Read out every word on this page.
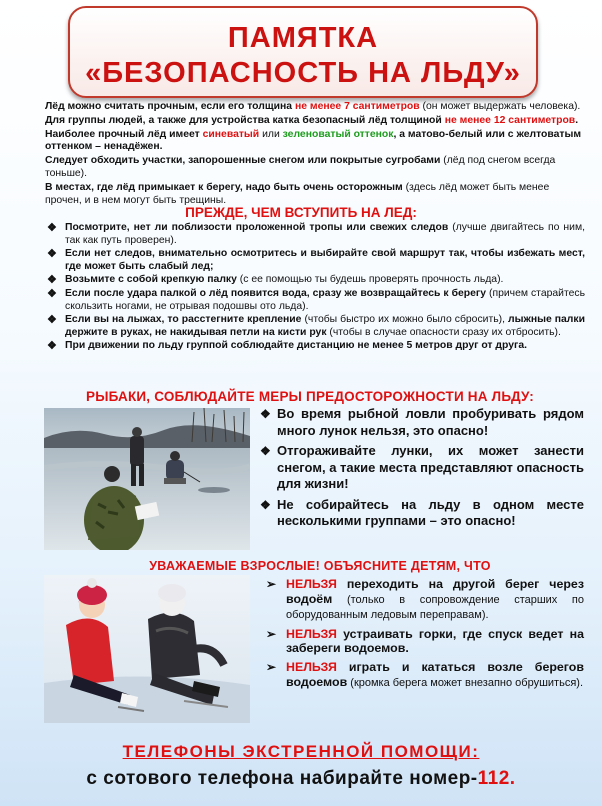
ПАМЯТКА
«БЕЗОПАСНОСТЬ НА ЛЬДУ»

Лёд можно считать прочным, если его толщина не менее 7 сантиметров (он может выдержать человека).

Для группы людей, а также для устройства катка безопасный лёд толщиной не менее 12 сантиметров.

Наиболее прочный лёд имеет синеватый или зеленоватый оттенок, а матово-белый или с желтоватым оттенком – ненадёжен.

Следует обходить участки, запорошенные снегом или покрытые сугробами (лёд под снегом всегда тоньше).

В местах, где лёд примыкает к берегу, надо быть очень осторожным (здесь лёд может быть менее прочен, и в нем могут быть трещины.

ПРЕЖДЕ, ЧЕМ ВСТУПИТЬ НА ЛЕД:
❖ Посмотрите, нет ли поблизости проложенной тропы или свежих следов (лучше двигайтесь по ним, так как путь проверен).
❖ Если нет следов, внимательно осмотритесь и выбирайте свой маршрут так, чтобы избежать мест, где может быть слабый лед;
❖ Возьмите с собой крепкую палку (с ее помощью ты будешь проверять прочность льда).
❖ Если после удара палкой о лёд появится вода, сразу же возвращайтесь к берегу (причем старайтесь скользить ногами, не отрывая подошвы ото льда).
❖ Если вы на лыжах, то расстегните крепление (чтобы быстро их можно было сбросить), лыжные палки держите в руках, не накидывая петли на кисти рук (чтобы в случае опасности сразу их отбросить).
❖ При движении по льду группой соблюдайте дистанцию не менее 5 метров друг от друга.
РЫБАКИ, СОБЛЮДАЙТЕ МЕРЫ ПРЕДОСТОРОЖНОСТИ НА ЛЬДУ:
❖ Во время рыбной ловли пробуривать рядом много лунок нельзя, это опасно!
❖ Отгораживайте лунки, их может занести снегом, а такие места представляют опасность для жизни!
❖ Не собирайтесь на льду в одном месте несколькими группами – это опасно!
УВАЖАЕМЫЕ ВЗРОСЛЫЕ! ОБЪЯСНИТЕ ДЕТЯМ, ЧТО
➢ НЕЛЬЗЯ переходить на другой берег через водоём (только в сопровождение старших по оборудованным ледовым переправам).
➢ НЕЛЬЗЯ устраивать горки, где спуск ведет на забереги водоемов.
➢ НЕЛЬЗЯ играть и кататься возле берегов водоемов (кромка берега может внезапно обрушиться).
ТЕЛЕФОНЫ ЭКСТРЕННОЙ ПОМОЩИ:
с сотового телефона набирайте номер-112.
